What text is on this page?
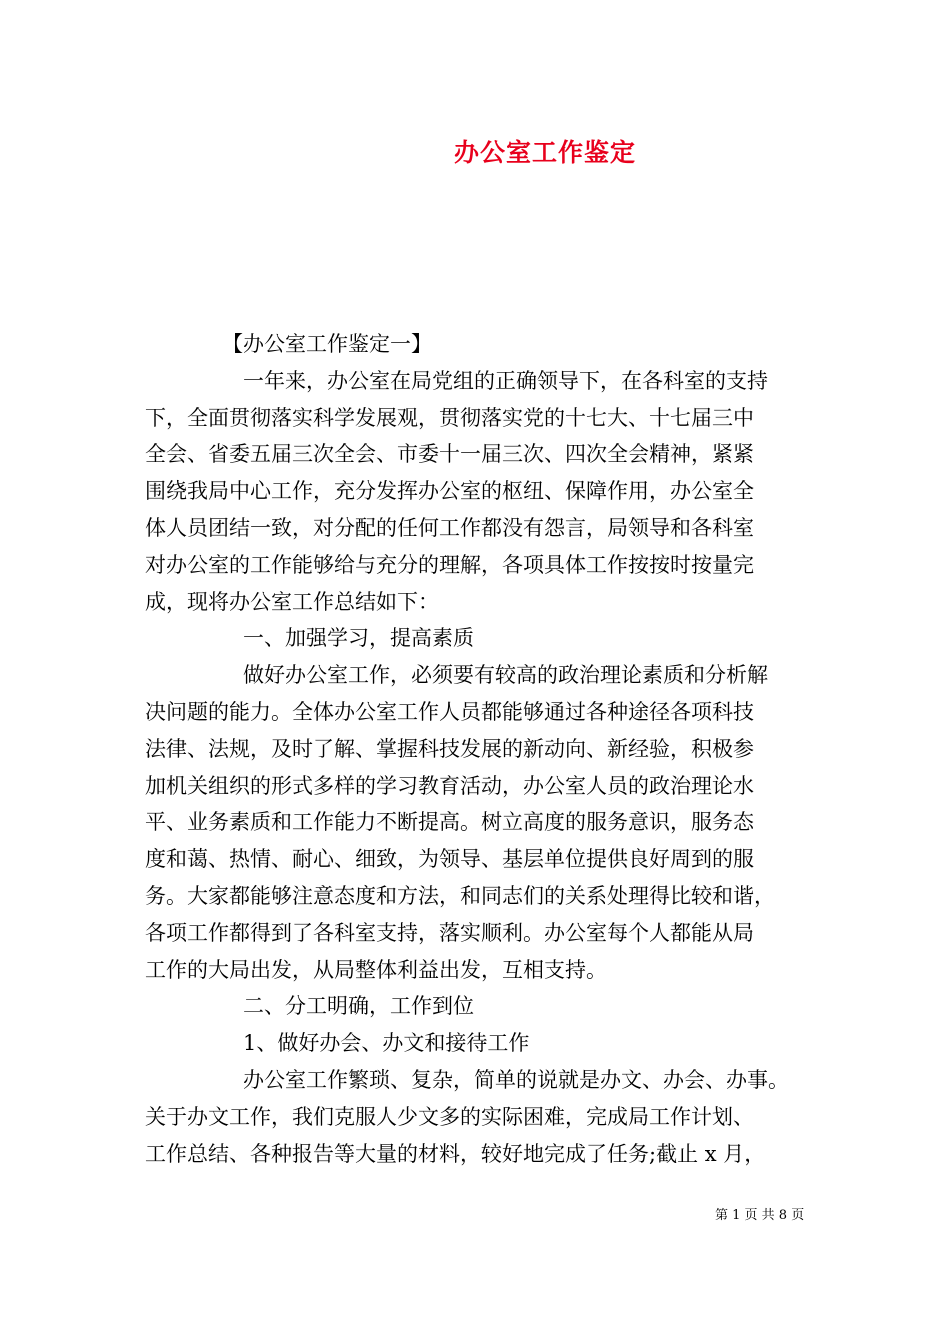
办公室工作鉴定
【办公室工作鉴定一】
一年来，办公室在局党组的正确领导下，在各科室的支持
下，全面贯彻落实科学发展观，贯彻落实党的十七大、十七届三中
全会、省委五届三次全会、市委十一届三次、四次全会精神，紧紧
围绕我局中心工作，充分发挥办公室的枢纽、保障作用，办公室全
体人员团结一致，对分配的任何工作都没有怨言，局领导和各科室
对办公室的工作能够给与充分的理解，各项具体工作按按时按量完
成，现将办公室工作总结如下：
一、加强学习，提高素质
做好办公室工作，必须要有较高的政治理论素质和分析解
决问题的能力。全体办公室工作人员都能够通过各种途径各项科技
法律、法规，及时了解、掌握科技发展的新动向、新经验，积极参
加机关组织的形式多样的学习教育活动，办公室人员的政治理论水
平、业务素质和工作能力不断提高。树立高度的服务意识，服务态
度和蔼、热情、耐心、细致，为领导、基层单位提供良好周到的服
务。大家都能够注意态度和方法，和同志们的关系处理得比较和谐，
各项工作都得到了各科室支持，落实顺利。办公室每个人都能从局
工作的大局出发，从局整体利益出发，互相支持。
二、分工明确，工作到位
1、做好办会、办文和接待工作
办公室工作繁琐、复杂，简单的说就是办文、办会、办事。
关于办文工作，我们克服人少文多的实际困难，完成局工作计划、
工作总结、各种报告等大量的材料，较好地完成了任务;截止 x 月，
第 1 页 共 8 页
